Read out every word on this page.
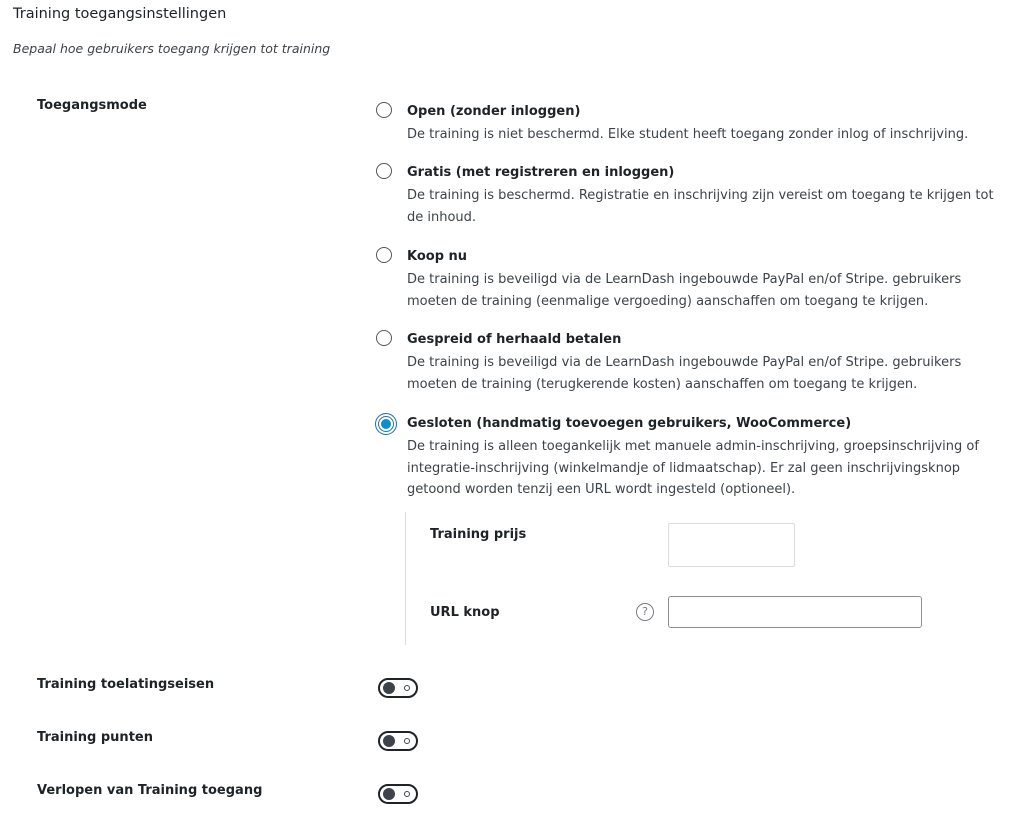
Training toegangsinstellingen
Bepaal hoe gebruikers toegang krijgen tot training
Toegangsmode	Open (zonder inloggen)
De training is niet beschermd. Elke student heeft toegang zonder inlog of inschrijving.
Gratis (met registreren en inloggen)
De training is beschermd. Registratie en inschrijving zijn vereist om toegang te krijgen tot de inhoud.
Koop nu
De training is beveiligd via de LearnDash ingebouwde PayPal en/of Stripe. gebruikers moeten de training (eenmalige vergoeding) aanschaffen om toegang te krijgen.
Gespreid of herhaald betalen
De training is beveiligd via de LearnDash ingebouwde PayPal en/of Stripe. gebruikers moeten de training (terugkerende kosten) aanschaffen om toegang te krijgen.
Gesloten (handmatig toevoegen gebruikers, WooCommerce)
De training is alleen toegankelijk met manuele admin-inschrijving, groepsinschrijving of integratie-inschrijving (winkelmandje of lidmaatschap). Er zal geen inschrijvingsknop getoond worden tenzij een URL wordt ingesteld (optioneel).
Training prijs
URL knop	?
Training toelatingseisen
Training punten
Verlopen van Training toegang
